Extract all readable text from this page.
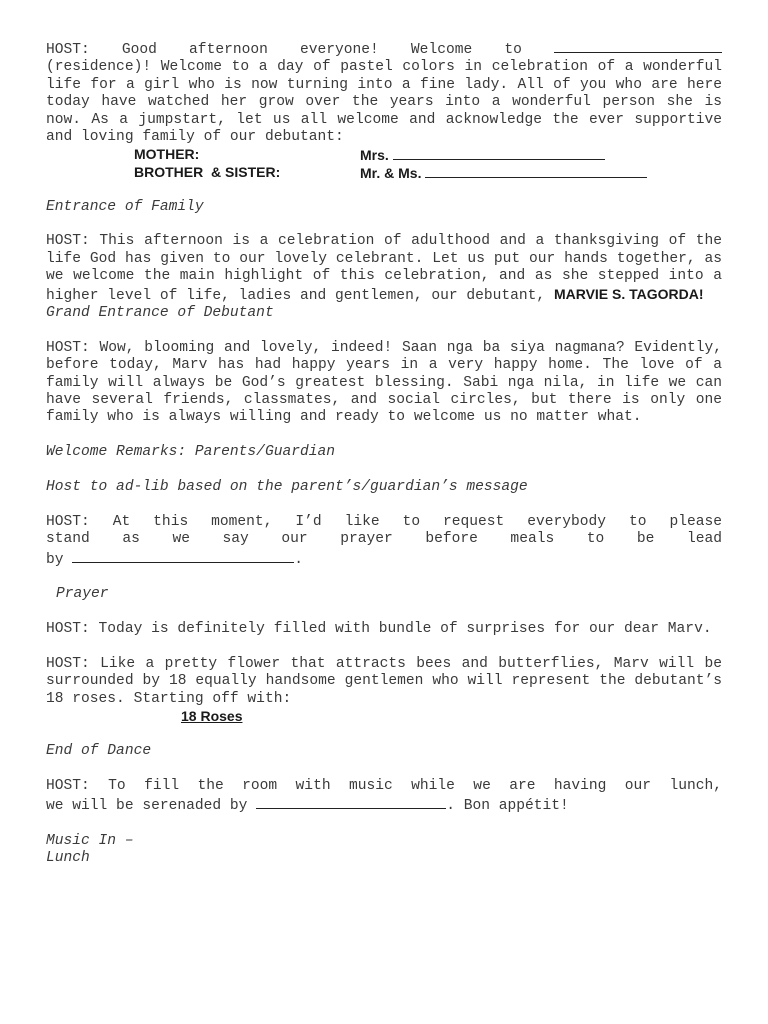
HOST: Good afternoon everyone! Welcome to

(residence)! Welcome to a day of pastel colors in celebration of a wonderful life for a girl who is now turning into a fine lady. All of you who are here today have watched her grow over the years into a wonderful person she is now. As a jumpstart, let us all welcome and acknowledge the ever supportive and loving family of our debutant:

MOTHER:	Mrs.
BROTHER  & SISTER:	Mr. & Ms.

Entrance of Family

HOST: This afternoon is a celebration of adulthood and a thanksgiving of the life God has given to our lovely celebrant. Let us put our hands together, as we welcome the main highlight of this celebration, and as she stepped into a higher level of life, ladies and gentlemen, our debutant, MARVIE S. TAGORDA!

Grand Entrance of Debutant

HOST: Wow, blooming and lovely, indeed! Saan nga ba siya nagmana? Evidently, before today, Marv has had happy years in a very happy home. The love of a family will always be God’s greatest blessing. Sabi nga nila, in life we can have several friends, classmates, and social circles, but there is only one family who is always willing and ready to welcome us no matter what.

Welcome Remarks: Parents/Guardian

Host to ad-lib based on the parent’s/guardian’s message

HOST: At this moment, I’d like to request everybody to please

stand as we say our prayer before meals to be lead

by	.

Prayer

HOST: Today is definitely filled with bundle of surprises for our dear Marv.

HOST: Like a pretty flower that attracts bees and butterflies, Marv will be surrounded by 18 equally handsome gentlemen who will represent the debutant’s 18 roses. Starting off with:

18 Roses

End of Dance

HOST: To fill the room with music while we are having our lunch,

we will be serenaded by	. Bon appétit!

Music In –

Lunch
